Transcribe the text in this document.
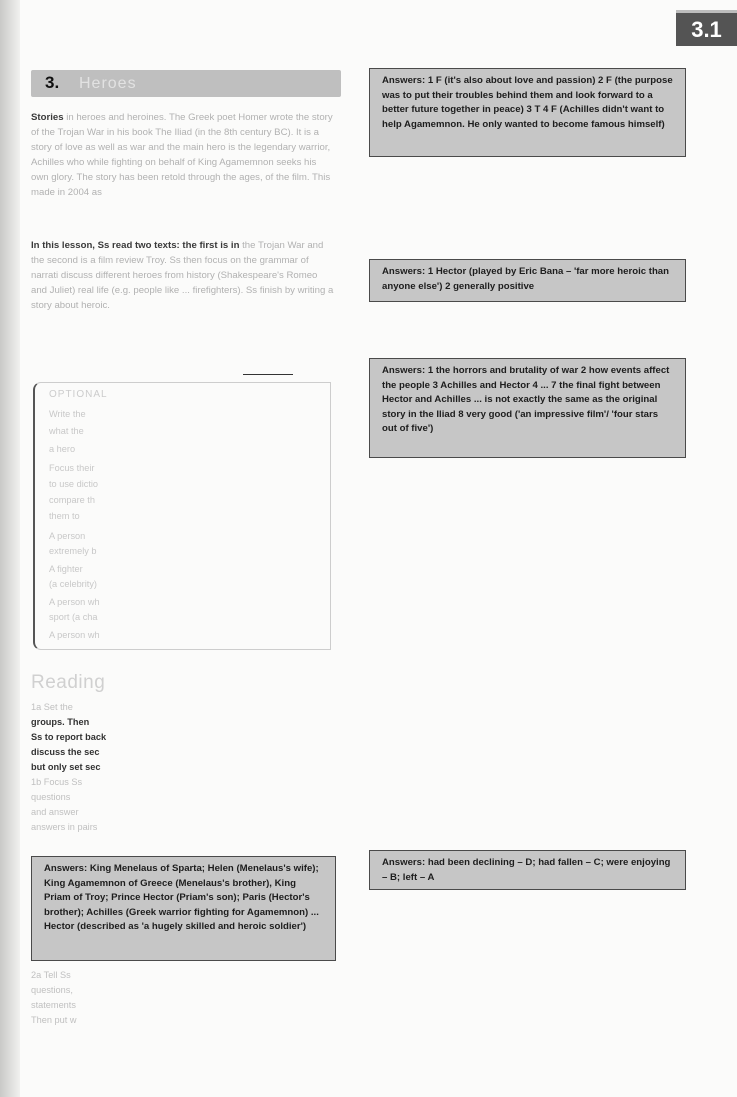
3.1
3. Heroes

Stories in heroes and heroines. The Greek poet Homer wrote the story of the Trojan War in his book The Iliad (in the 8th century BC). It is a story of love as well as war and the main hero is the legendary warrior, Achilles who while fighting on behalf of King Agamemnon seeks his own glory. The story has been retold through the ages, of the film. This made in 2004 as

In this lesson, Ss read two texts: the first is in the Trojan War and the second is a film review Troy. Ss then focus on the grammar of narrati discuss different heroes from history (Shakespeare's Romeo and Juliet) real life (e.g. people like ... firefighters). Ss finish by writing a story about heroic.

OPTIONAL
Write the
what the
a hero
Focus their
to use dictio
compare th
them to
A person
extremely b
A fighter
(a celebrity)
A person wh
sport (a cha
A person wh
Reading
1a Set the
groups. Then
Ss to report back
discuss the sec
but only set sec
1b Focus Ss
questions
and answer
answers in pairs
2a Tell Ss
questions,
statements
Then put w

Answers: 1 F (it's also about love and passion) 2 F (the purpose was to put their troubles behind them and look forward to a better future together in peace) 3 T 4 F (Achilles didn't want to help Agamemnon. He only wanted to become famous himself)

Answers: 1 Hector (played by Eric Bana – 'far more heroic than anyone else') 2 generally positive

Answers: 1 the horrors and brutality of war 2 how events affect the people 3 Achilles and Hector 4 ... 7 the final fight between Hector and Achilles ... is not exactly the same as the original story in the Iliad 8 very good ('an impressive film'/ 'four stars out of five')

Answers: King Menelaus of Sparta; Helen (Menelaus's wife); King Agamemnon of Greece (Menelaus's brother), King Priam of Troy; Prince Hector (Priam's son); Paris (Hector's brother); Achilles (Greek warrior fighting for Agamemnon) ... Hector (described as 'a hugely skilled and heroic soldier')

Answers: had been declining – D; had fallen – C; were enjoying – B; left – A
